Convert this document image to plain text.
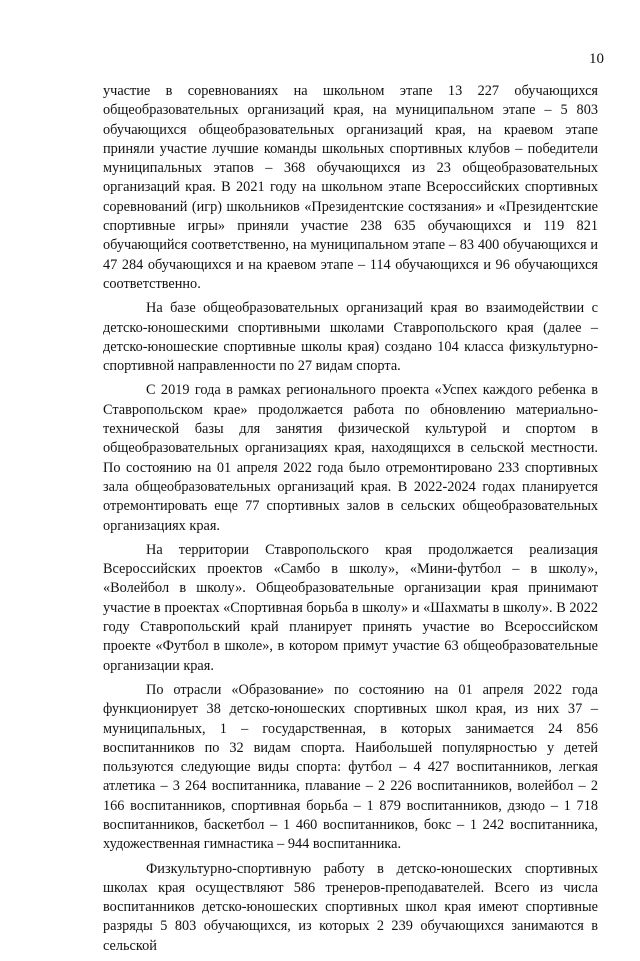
10

участие в соревнованиях на школьном этапе 13 227 обучающихся общеобразовательных организаций края, на муниципальном этапе – 5 803 обучающихся общеобразовательных организаций края, на краевом этапе приняли участие лучшие команды школьных спортивных клубов – победители муниципальных этапов – 368 обучающихся из 23 общеобразовательных организаций края. В 2021 году на школьном этапе Всероссийских спортивных соревнований (игр) школьников «Президентские состязания» и «Президентские спортивные игры» приняли участие 238 635 обучающихся и 119 821 обучающийся соответственно, на муниципальном этапе – 83 400 обучающихся и 47 284 обучающихся и на краевом этапе – 114 обучающихся и 96 обучающихся соответственно.

На базе общеобразовательных организаций края во взаимодействии с детско-юношескими спортивными школами Ставропольского края (далее – детско-юношеские спортивные школы края) создано 104 класса физкультурно-спортивной направленности по 27 видам спорта.

С 2019 года в рамках регионального проекта «Успех каждого ребенка в Ставропольском крае» продолжается работа по обновлению материально-технической базы для занятия физической культурой и спортом в общеобразовательных организациях края, находящихся в сельской местности. По состоянию на 01 апреля 2022 года было отремонтировано 233 спортивных зала общеобразовательных организаций края. В 2022-2024 годах планируется отремонтировать еще 77 спортивных залов в сельских общеобразовательных организациях края.

На территории Ставропольского края продолжается реализация Всероссийских проектов «Самбо в школу», «Мини-футбол – в школу», «Волейбол в школу». Общеобразовательные организации края принимают участие в проектах «Спортивная борьба в школу» и «Шахматы в школу». В 2022 году Ставропольский край планирует принять участие во Всероссийском проекте «Футбол в школе», в котором примут участие 63 общеобразовательные организации края.

По отрасли «Образование» по состоянию на 01 апреля 2022 года функционирует 38 детско-юношеских спортивных школ края, из них 37 – муниципальных, 1 – государственная, в которых занимается 24 856 воспитанников по 32 видам спорта. Наибольшей популярностью у детей пользуются следующие виды спорта: футбол – 4 427 воспитанников, легкая атлетика – 3 264 воспитанника, плавание – 2 226 воспитанников, волейбол – 2 166 воспитанников, спортивная борьба – 1 879 воспитанников, дзюдо – 1 718 воспитанников, баскетбол – 1 460 воспитанников, бокс – 1 242 воспитанника, художественная гимнастика – 944 воспитанника.

Физкультурно-спортивную работу в детско-юношеских спортивных школах края осуществляют 586 тренеров-преподавателей. Всего из числа воспитанников детско-юношеских спортивных школ края имеют спортивные разряды 5 803 обучающихся, из которых 2 239 обучающихся занимаются в сельской
